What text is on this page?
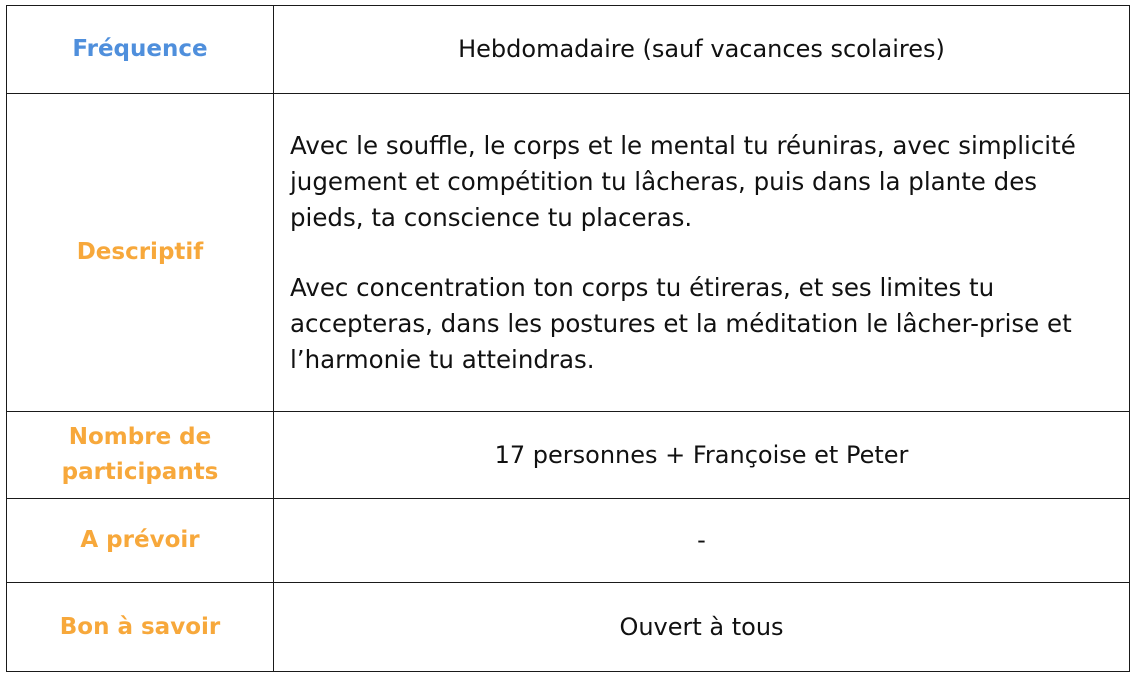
Fréquence	Hebdomadaire (sauf vacances scolaires)
Descriptif	Avec le souffle, le corps et le mental tu réuniras, avec simplicité jugement et compétition tu lâcheras, puis dans la plante des pieds, ta conscience tu placeras.

Avec concentration ton corps tu étireras, et ses limites tu accepteras, dans les postures et la méditation le lâcher-prise et l’harmonie tu atteindras.

Nombre de participants	17 personnes + Françoise et Peter
A prévoir	-
Bon à savoir	Ouvert à tous
